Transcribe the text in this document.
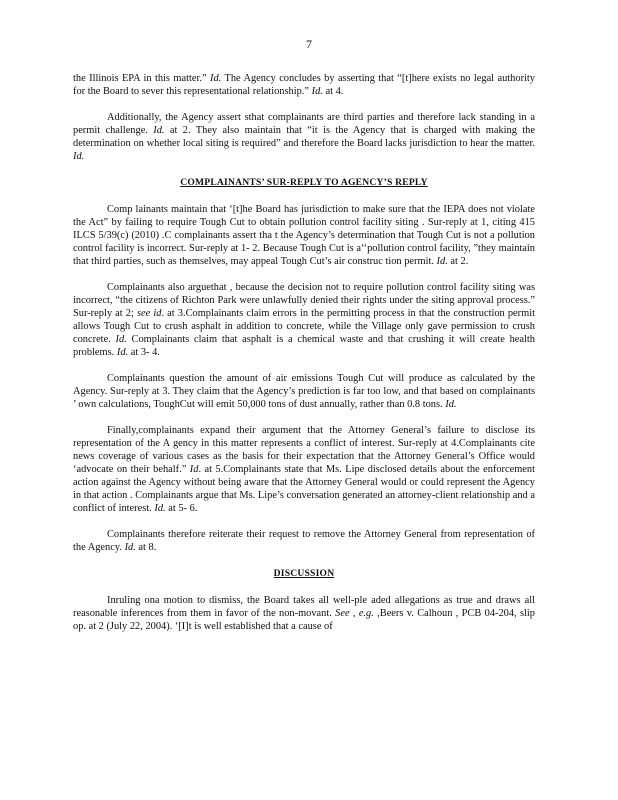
7

the Illinois EPA in this matter.” Id. The Agency concludes by asserting that “[t]here exists no legal authority for the Board to sever this representational relationship.” Id. at 4.

Additionally, the Agency assert sthat complainants are third parties and therefore lack standing in a permit challenge. Id. at 2. They also maintain that “it is the Agency that is charged with making the determination on whether local siting is required” and therefore the Board lacks jurisdiction to hear the matter. Id.

COMPLAINANTS’ SUR-REPLY TO AGENCY’S REPLY

Comp lainants maintain that ‘[t]he Board has jurisdiction to make sure that the IEPA does not violate the Act” by failing to require Tough Cut to obtain pollution control facility siting . Sur-reply at 1, citing 415 ILCS 5/39(c) (2010) .C complainants assert tha t the Agency’s determination that Tough Cut is not a pollution control facility is incorrect. Sur-reply at 1- 2. Because Tough Cut is a‘‘pollution control facility, ”they maintain that third parties, such as themselves, may appeal Tough Cut’s air construc tion permit. Id. at 2.

Complainants also arguethat , because the decision not to require pollution control facility siting was incorrect, “the citizens of Richton Park were unlawfully denied their rights under the siting approval process.” Sur-reply at 2; see id. at 3.Complainants claim errors in the permitting process in that the construction permit allows Tough Cut to crush asphalt in addition to concrete, while the Village only gave permission to crush concrete. Id. Complainants claim that asphalt is a chemical waste and that crushing it will create health problems. Id. at 3- 4.

Complainants question the amount of air emissions Tough Cut will produce as calculated by the Agency. Sur-reply at 3. They claim that the Agency’s prediction is far too low, and that based on complainants ’ own calculations, ToughCut will emit 50,000 tons of dust annually, rather than 0.8 tons. Id.

Finally,complainants expand their argument that the Attorney General’s failure to disclose its representation of the A gency in this matter represents a conflict of interest. Sur-reply at 4.Complainants cite news coverage of various cases as the basis for their expectation that the Attorney General’s Office would ‘advocate on their behalf.” Id. at 5.Complainants state that Ms. Lipe disclosed details about the enforcement action against the Agency without being aware that the Attorney General would or could represent the Agency in that action . Complainants argue that Ms. Lipe’s conversation generated an attorney-client relationship and a conflict of interest. Id. at 5- 6.

Complainants therefore reiterate their request to remove the Attorney General from representation of the Agency. Id. at 8.

DISCUSSION

Inruling ona motion to dismiss, the Board takes all well-ple aded allegations as true and draws all reasonable inferences from them in favor of the non-movant. See , e.g. ,Beers v. Calhoun , PCB 04-204, slip op. at 2 (July 22, 2004). ‘[I]t is well established that a cause of
